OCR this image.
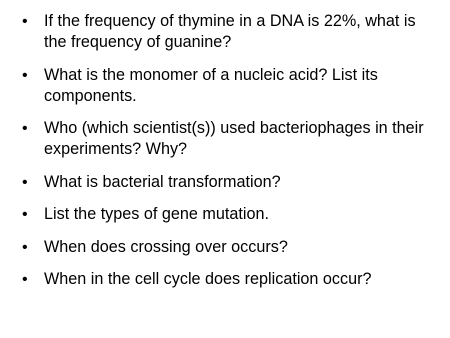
• If the frequency of thymine in a DNA is 22%, what is the frequency of guanine?
• What is the monomer of a nucleic acid? List its components.
• Who (which scientist(s)) used bacteriophages in their experiments? Why?
• What is bacterial transformation?
• List the types of gene mutation.
• When does crossing over occurs?
• When in the cell cycle does replication occur?
